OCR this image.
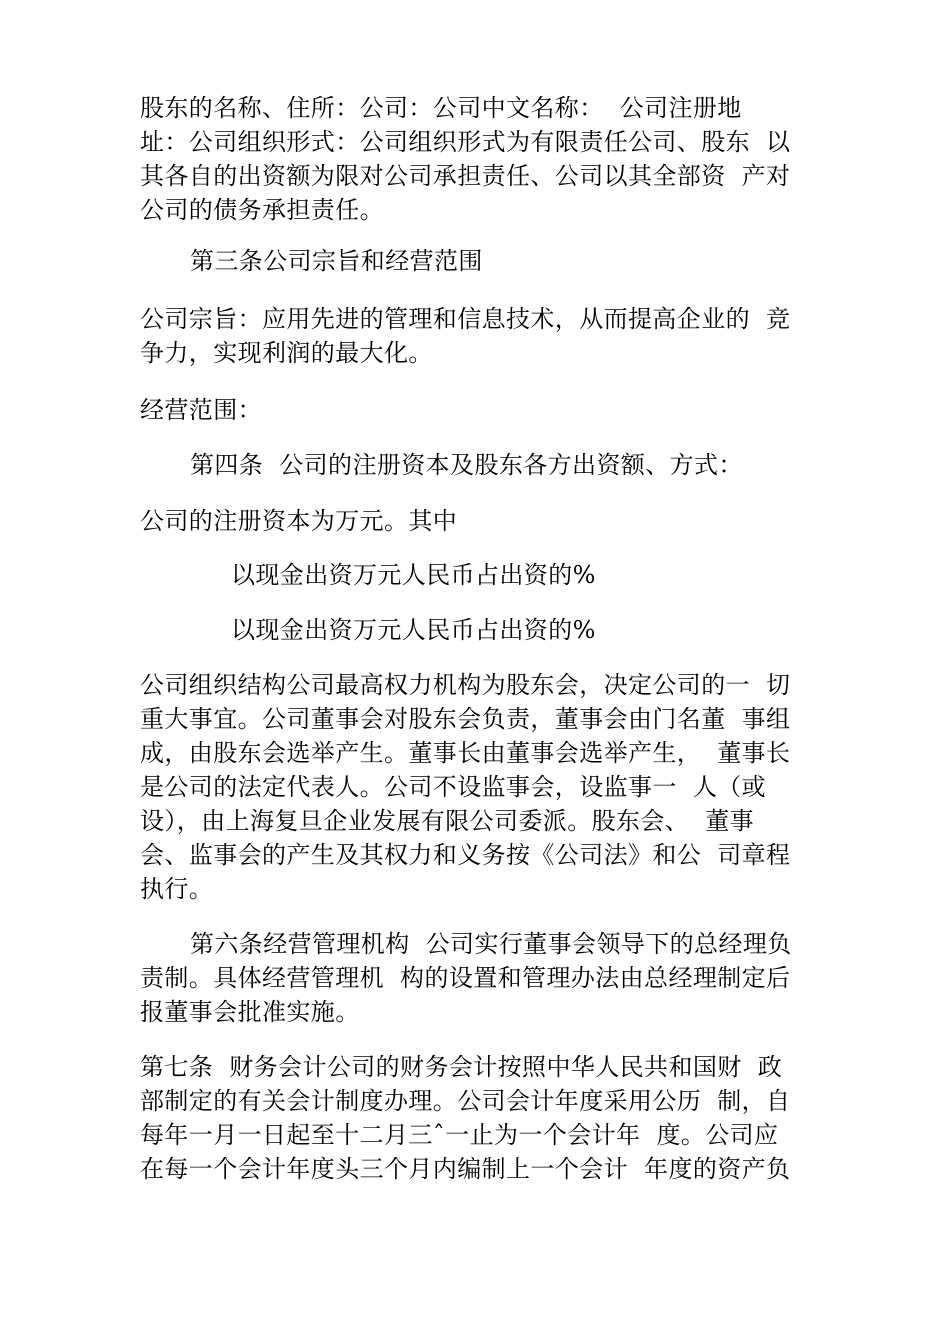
股东的名称、住所：公司：公司中文名称：  公司注册地
址：公司组织形式：公司组织形式为有限责任公司、股东  以
其各自的出资额为限对公司承担责任、公司以其全部资  产对
公司的债务承担责任。
第三条公司宗旨和经营范围
公司宗旨：应用先进的管理和信息技术，从而提高企业的  竞
争力，实现利润的最大化。
经营范围：
第四条  公司的注册资本及股东各方出资额、方式：
公司的注册资本为万元。其中
以现金出资万元人民币占出资的%
以现金出资万元人民币占出资的%
公司组织结构公司最高权力机构为股东会，决定公司的一  切
重大事宜。公司董事会对股东会负责，董事会由门名董  事组
成，由股东会选举产生。董事长由董事会选举产生，  董事长
是公司的法定代表人。公司不设监事会，设监事一  人（或
设），由上海复旦企业发展有限公司委派。股东会、  董事
会、监事会的产生及其权力和义务按《公司法》和公  司章程
执行。
第六条经营管理机构  公司实行董事会领导下的总经理负
责制。具体经营管理机  构的设置和管理办法由总经理制定后
报董事会批准实施。
第七条  财务会计公司的财务会计按照中华人民共和国财  政
部制定的有关会计制度办理。公司会计年度采用公历  制，自
每年一月一日起至十二月三ˆ一止为一个会计年  度。公司应
在每一个会计年度头三个月内编制上一个会计  年度的资产负
